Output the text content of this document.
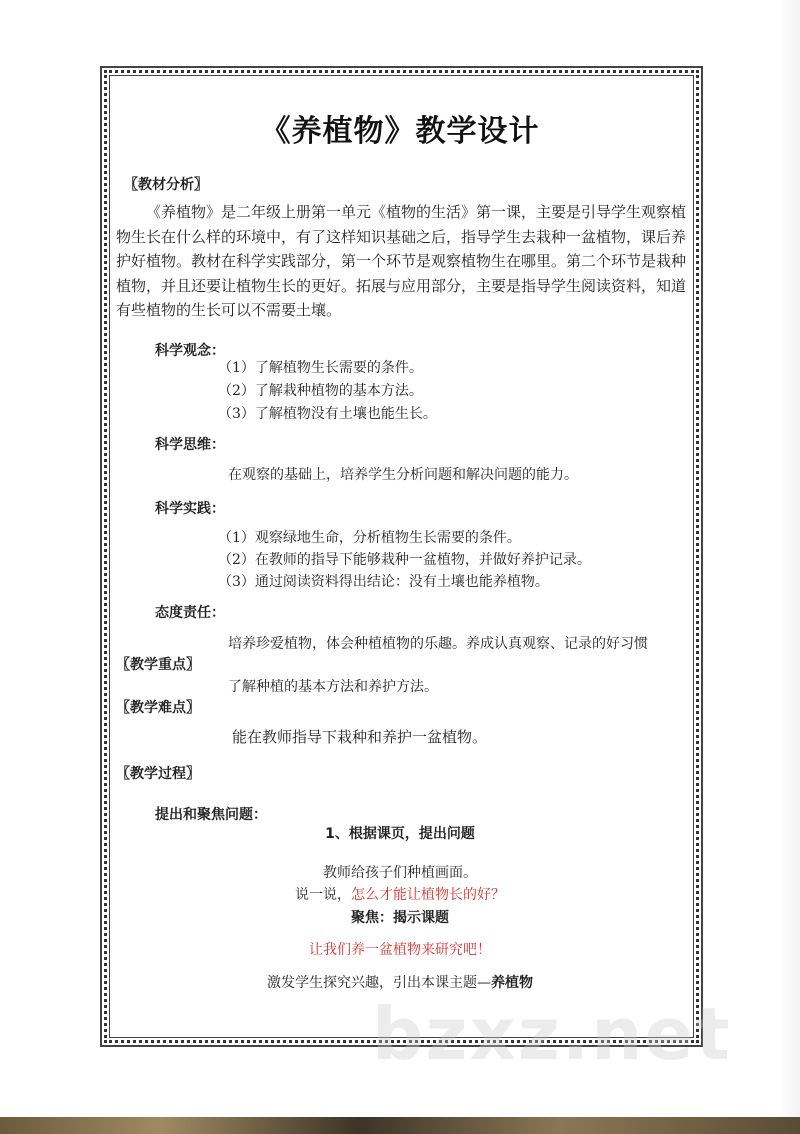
《养植物》教学设计
〖教材分析〗
《养植物》是二年级上册第一单元《植物的生活》第一课，主要是引导学生观察植
物生长在什么样的环境中，有了这样知识基础之后，指导学生去栽种一盆植物，课后养
护好植物。教材在科学实践部分，第一个环节是观察植物生在哪里。第二个环节是栽种
植物，并且还要让植物生长的更好。拓展与应用部分，主要是指导学生阅读资料，知道
有些植物的生长可以不需要土壤。
科学观念：
（1）了解植物生长需要的条件。
（2）了解栽种植物的基本方法。
（3）了解植物没有土壤也能生长。
科学思维：
在观察的基础上，培养学生分析问题和解决问题的能力。
科学实践：
（1）观察绿地生命，分析植物生长需要的条件。
（2）在教师的指导下能够栽种一盆植物，并做好养护记录。
（3）通过阅读资料得出结论：没有土壤也能养植物。
态度责任：
培养珍爱植物，体会种植植物的乐趣。养成认真观察、记录的好习惯
〖教学重点〗
了解种植的基本方法和养护方法。
〖教学难点〗
能在教师指导下栽种和养护一盆植物。
〖教学过程〗
提出和聚焦问题：
1、根据课页，提出问题
教师给孩子们种植画面。
说一说，怎么才能让植物长的好？
聚焦：揭示课题
让我们养一盆植物来研究吧！
激发学生探究兴趣，引出本课主题—养植物
bzxz.net
